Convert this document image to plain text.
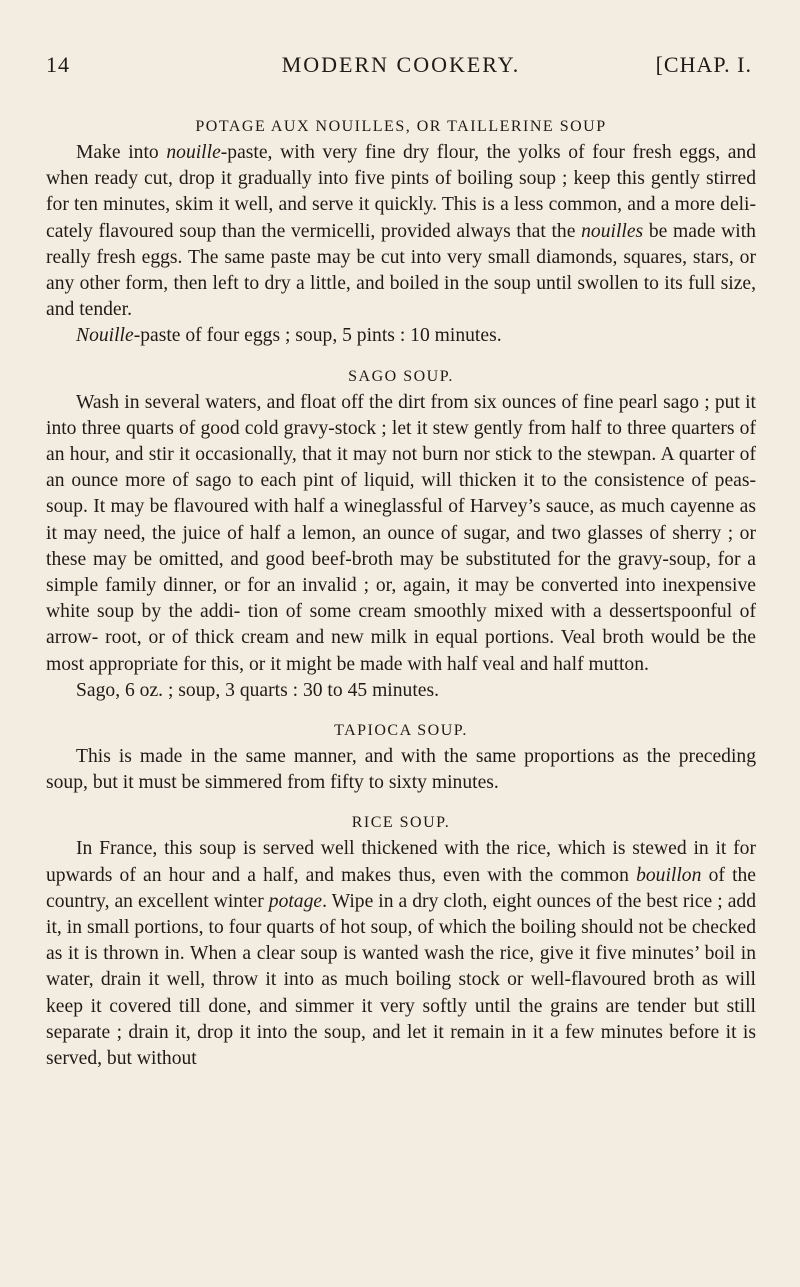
14	MODERN COOKERY.	[CHAP. I.
POTAGE AUX NOUILLES, OR TAILLERINE SOUP

Make into nouille-paste, with very fine dry flour, the yolks of four fresh eggs, and when ready cut, drop it gradually into five pints of boiling soup ; keep this gently stirred for ten minutes, skim it well, and serve it quickly. This is a less common, and a more deli- cately flavoured soup than the vermicelli, provided always that the nouilles be made with really fresh eggs. The same paste may be cut into very small diamonds, squares, stars, or any other form, then left to dry a little, and boiled in the soup until swollen to its full size, and tender.

Nouille-paste of four eggs ; soup, 5 pints : 10 minutes.

SAGO SOUP.

Wash in several waters, and float off the dirt from six ounces of fine pearl sago ; put it into three quarts of good cold gravy-stock ; let it stew gently from half to three quarters of an hour, and stir it occasionally, that it may not burn nor stick to the stewpan. A quarter of an ounce more of sago to each pint of liquid, will thicken it to the consistence of peas-soup. It may be flavoured with half a wineglassful of Harvey’s sauce, as much cayenne as it may need, the juice of half a lemon, an ounce of sugar, and two glasses of sherry ; or these may be omitted, and good beef-broth may be substituted for the gravy-soup, for a simple family dinner, or for an invalid ; or, again, it may be converted into inexpensive white soup by the addi- tion of some cream smoothly mixed with a dessertspoonful of arrow- root, or of thick cream and new milk in equal portions. Veal broth would be the most appropriate for this, or it might be made with half veal and half mutton.

Sago, 6 oz. ; soup, 3 quarts : 30 to 45 minutes.

TAPIOCA SOUP.

This is made in the same manner, and with the same proportions as the preceding soup, but it must be simmered from fifty to sixty minutes.

RICE SOUP.

In France, this soup is served well thickened with the rice, which is stewed in it for upwards of an hour and a half, and makes thus, even with the common bouillon of the country, an excellent winter potage. Wipe in a dry cloth, eight ounces of the best rice ; add it, in small portions, to four quarts of hot soup, of which the boiling should not be checked as it is thrown in. When a clear soup is wanted wash the rice, give it five minutes’ boil in water, drain it well, throw it into as much boiling stock or well-flavoured broth as will keep it covered till done, and simmer it very softly until the grains are tender but still separate ; drain it, drop it into the soup, and let it remain in it a few minutes before it is served, but without
